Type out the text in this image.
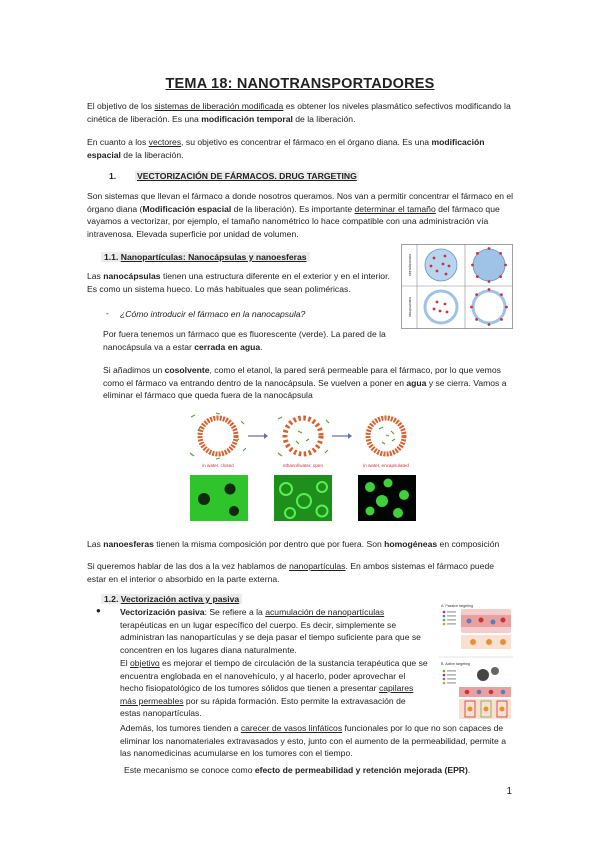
TEMA 18: NANOTRANSPORTADORES
El objetivo de los sistemas de liberación modificada es obtener los niveles plasmático sefectivos modificando la cinética de liberación. Es una modificación temporal de la liberación.
En cuanto a los vectores, su objetivo es concentrar el fármaco en el órgano diana. Es una modificación espacial de la liberación.
1. VECTORIZACIÓN DE FÁRMACOS. DRUG TARGETING
Son sistemas que llevan el fármaco a donde nosotros queramos. Nos van a permitir concentrar el fármaco en el órgano diana (Modificación espacial de la liberación). Es importante determinar el tamaño del fármaco que vayamos a vectorizar, por ejemplo, el tamaño nanométrico lo hace compatible con una administración vía intravenosa. Elevada superficie por unidad de volumen.
1.1. Nanopartículas: Nanocápsulas y nanoesferas	nanocápsulas
nanoesferas
Las nanocápsulas tienen una estructura diferente en el exterior y en el interior. Es como un sistema hueco. Lo más habituales que sean poliméricas.
- ¿Cómo introducir el fármaco en la nanocapsula?
Por fuera tenemos un fármaco que es fluorescente (verde). La pared de la nanocápsula va a estar cerrada en agua.
Si añadimos un cosolvente, como el etanol, la pared será permeable para el fármaco, por lo que vemos como el fármaco va entrando dentro de la nanocápsula. Se vuelven a poner en agua y se cierra. Vamos a eliminar el fármaco que queda fuera de la nanocápsula
in water, closed	ethanol/water, open	in water, encapsulated
Las nanoesferas tienen la misma composición por dentro que por fuera. Son homogéneas en composición
Si queremos hablar de las dos a la vez hablamos de nanopartículas. En ambos sistemas el fármaco puede estar en el interior o absorbido en la parte externa.
1.2. Vectorización activa y pasiva
A. Passive targeting
B. Active targeting
● Vectorización pasiva: Se refiere a la acumulación de nanopartículas terapéuticas en un lugar específico del cuerpo. Es decir, simplemente se administran las nanopartículas y se deja pasar el tiempo suficiente para que se concentren en los lugares diana naturalmente.
El objetivo es mejorar el tiempo de circulación de la sustancia terapéutica que se encuentra englobada en el nanovehículo, y al hacerlo, poder aprovechar el hecho fisiopatológico de los tumores sólidos que tienen a presentar capilares más permeables por su rápida formación. Esto permite la extravasación de estas nanopartículas.
Además, los tumores tienden a carecer de vasos linfáticos funcionales por lo que no son capaces de eliminar los nanomateriales extravasados y esto, junto con el aumento de la permeabilidad, permite a las nanomedicinas acumularse en los tumores con el tiempo.
Este mecanismo se conoce como efecto de permeabilidad y retención mejorada (EPR).
1
